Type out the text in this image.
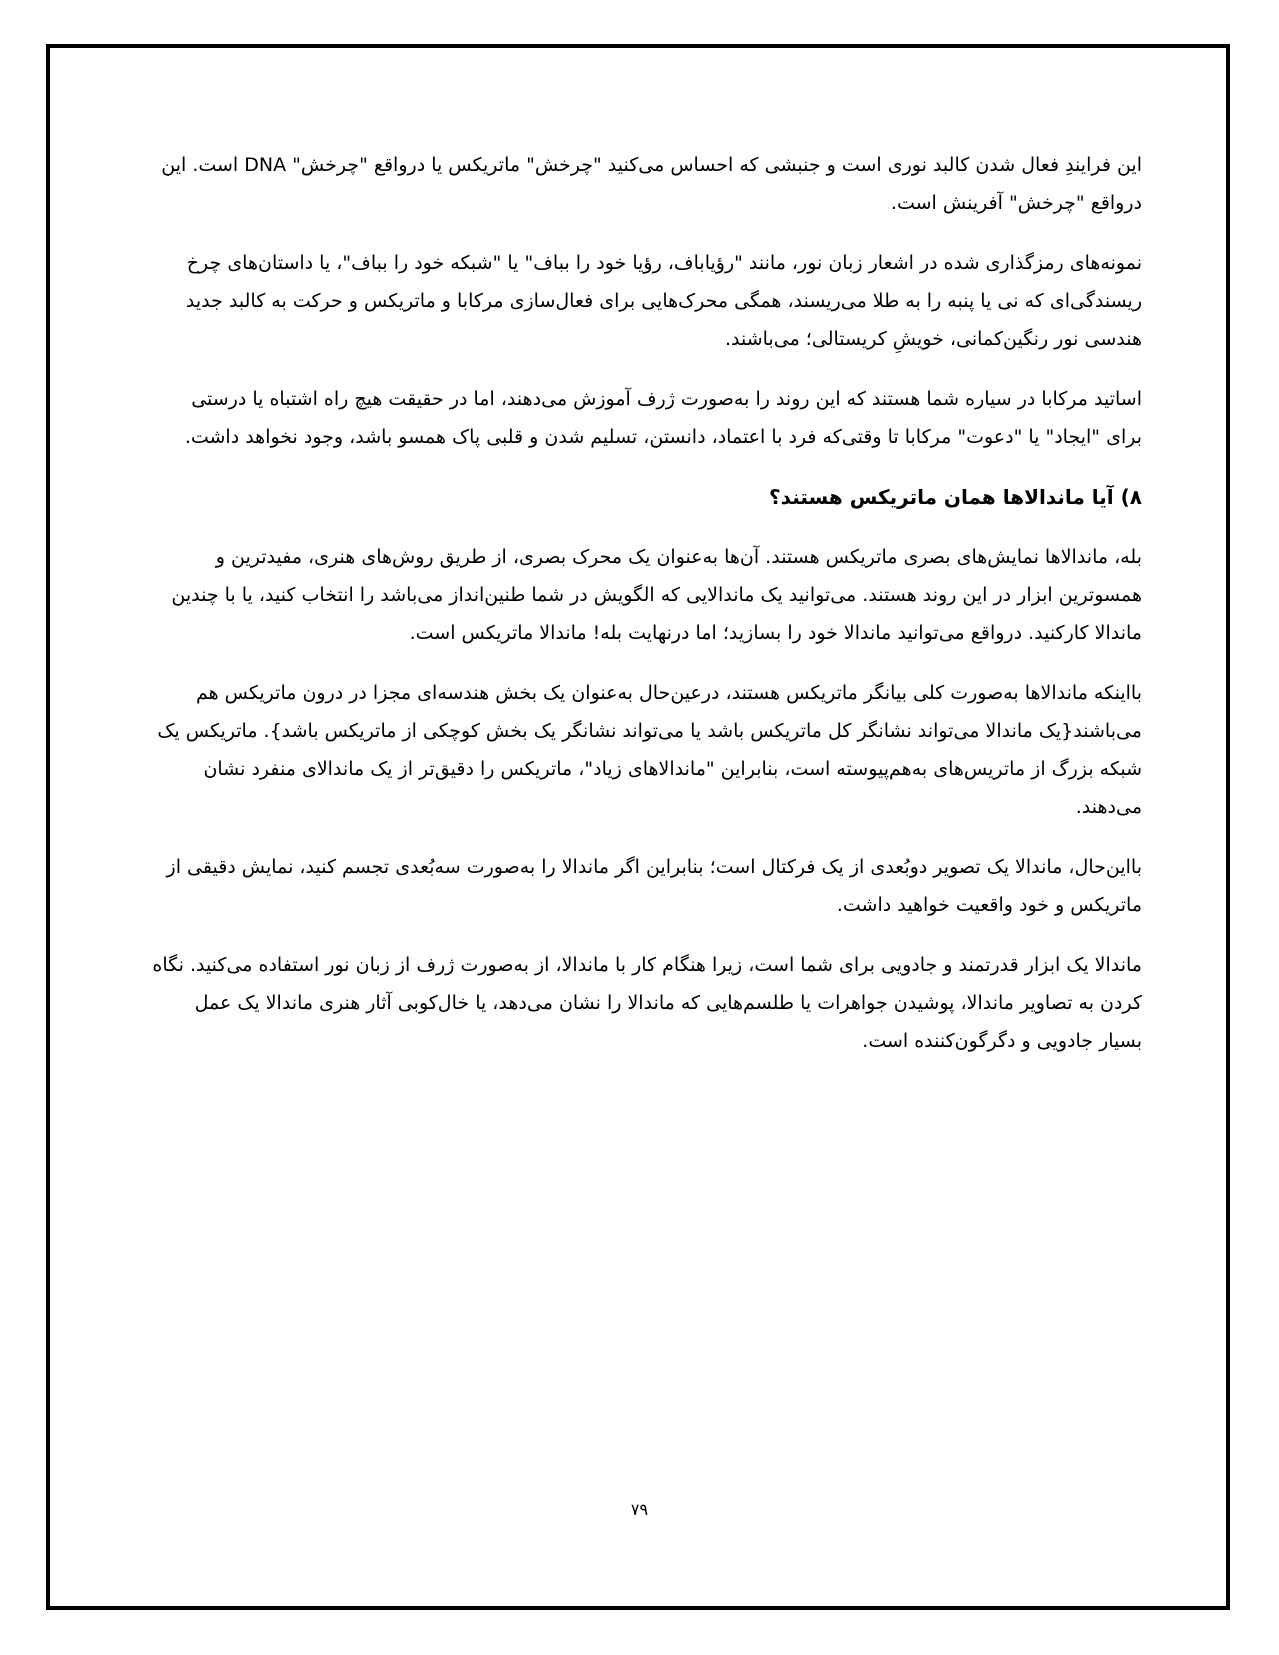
این فرایندِ فعال شدن کالبد نوری است و جنبشی که احساس می‌کنید "چرخش" ماتریکس یا درواقع "چرخش" DNA است. این درواقع "چرخش" آفرینش است.

نمونه‌های رمزگذاری شده در اشعار زبان نور، مانند "رؤیاباف، رؤیا خود را بباف" یا "شبکه خود را بباف"، یا داستان‌های چرخ ریسندگی‌ای که نی یا پنبه را به طلا می‌ریسند، همگی محرک‌هایی برای فعال‌سازی مرکابا و ماتریکس و حرکت به کالبد جدید هندسی نور رنگین‌کمانی، خویشِ کریستالی؛ می‌باشند.

اساتید مرکابا در سیاره شما هستند که این روند را به‌صورت ژرف آموزش می‌دهند، اما در حقیقت هیچ راه اشتباه یا درستی برای "ایجاد" یا "دعوت" مرکابا تا وقتی‌که فرد با اعتماد، دانستن، تسلیم شدن و قلبی پاک همسو باشد، وجود نخواهد داشت.

۸) آیا ماندالاها همان ماتریکس هستند؟

بله، ماندالاها نمایش‌های بصری ماتریکس هستند. آن‌ها به‌عنوان یک محرک بصری، از طریق روش‌های هنری، مفیدترین و همسوترین ابزار در این روند هستند. می‌توانید یک ماندالایی که الگویش در شما طنین‌انداز می‌باشد را انتخاب کنید، یا با چندین ماندالا کارکنید. درواقع می‌توانید ماندالا خود را بسازید؛ اما درنهایت بله! ماندالا ماتریکس است.

بااینکه ماندالاها به‌صورت کلی بیانگر ماتریکس هستند، درعین‌حال به‌عنوان یک بخش هندسه‌ای مجزا در درون ماتریکس هم می‌باشند{یک ماندالا می‌تواند نشانگر کل ماتریکس باشد یا می‌تواند نشانگر یک بخش کوچکی از ماتریکس باشد}. ماتریکس یک شبکه بزرگ از ماتریس‌های به‌هم‌پیوسته است، بنابراین "ماندالاهای زیاد"، ماتریکس را دقیق‌تر از یک ماندالای منفرد نشان می‌دهند.

بااین‌حال، ماندالا یک تصویر دوبُعدی از یک فرکتال است؛ بنابراین اگر ماندالا را به‌صورت سه‌بُعدی تجسم کنید، نمایش دقیقی از ماتریکس و خود واقعیت خواهید داشت.

ماندالا یک ابزار قدرتمند و جادویی برای شما است، زیرا هنگام کار با ماندالا، از به‌صورت ژرف از زبان نور استفاده می‌کنید. نگاه کردن به تصاویر ماندالا، پوشیدن جواهرات یا طلسم‌هایی که ماندالا را نشان می‌دهد، یا خال‌کوبی آثار هنری ماندالا یک عمل بسیار جادویی و دگرگون‌کننده است.

۷۹
